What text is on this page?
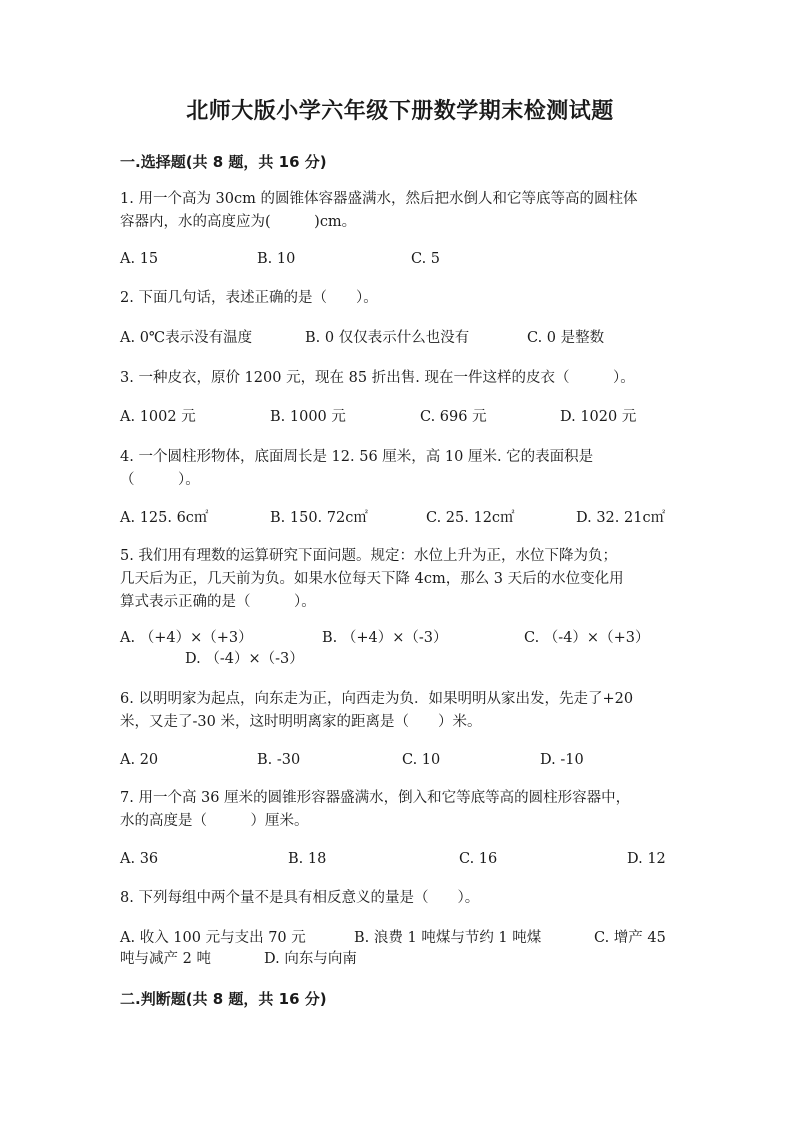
北师大版小学六年级下册数学期末检测试题
一.选择题(共 8 题，共 16 分)
1. 用一个高为 30cm 的圆锥体容器盛满水，然后把水倒人和它等底等高的圆柱体
容器内，水的高度应为(　　　)cm。
A. 15	B. 10	C. 5
2. 下面几句话，表述正确的是（　　）。
A. 0℃表示没有温度	B. 0 仅仅表示什么也没有	C. 0 是整数
3. 一种皮衣，原价 1200 元，现在 85 折出售. 现在一件这样的皮衣（　　　）。
A. 1002 元	B. 1000 元	C. 696 元	D. 1020 元
4. 一个圆柱形物体，底面周长是 12. 56 厘米，高 10 厘米. 它的表面积是
（　　　）。
A. 125. 6c㎡	B. 150. 72c㎡	C. 25. 12c㎡	D. 32. 21c㎡
5. 我们用有理数的运算研究下面问题。规定：水位上升为正，水位下降为负；
几天后为正，几天前为负。如果水位每天下降 4cm，那么 3 天后的水位变化用
算式表示正确的是（　　　）。
A. （+4）×（+3）	B. （+4）×（-3）	C. （-4）×（+3）
D. （-4）×（-3）
6. 以明明家为起点，向东走为正，向西走为负．如果明明从家出发，先走了+20
米，又走了-30 米，这时明明离家的距离是（　　）米。
A. 20	B. -30	C. 10	D. -10
7. 用一个高 36 厘米的圆锥形容器盛满水，倒入和它等底等高的圆柱形容器中，
水的高度是（　　　）厘米。
A. 36	B. 18	C. 16	D. 12
8. 下列每组中两个量不是具有相反意义的量是（　　）。
A. 收入 100 元与支出 70 元	B. 浪费 1 吨煤与节约 1 吨煤	C. 增产 45
吨与减产 2 吨	D. 向东与向南
二.判断题(共 8 题，共 16 分)
